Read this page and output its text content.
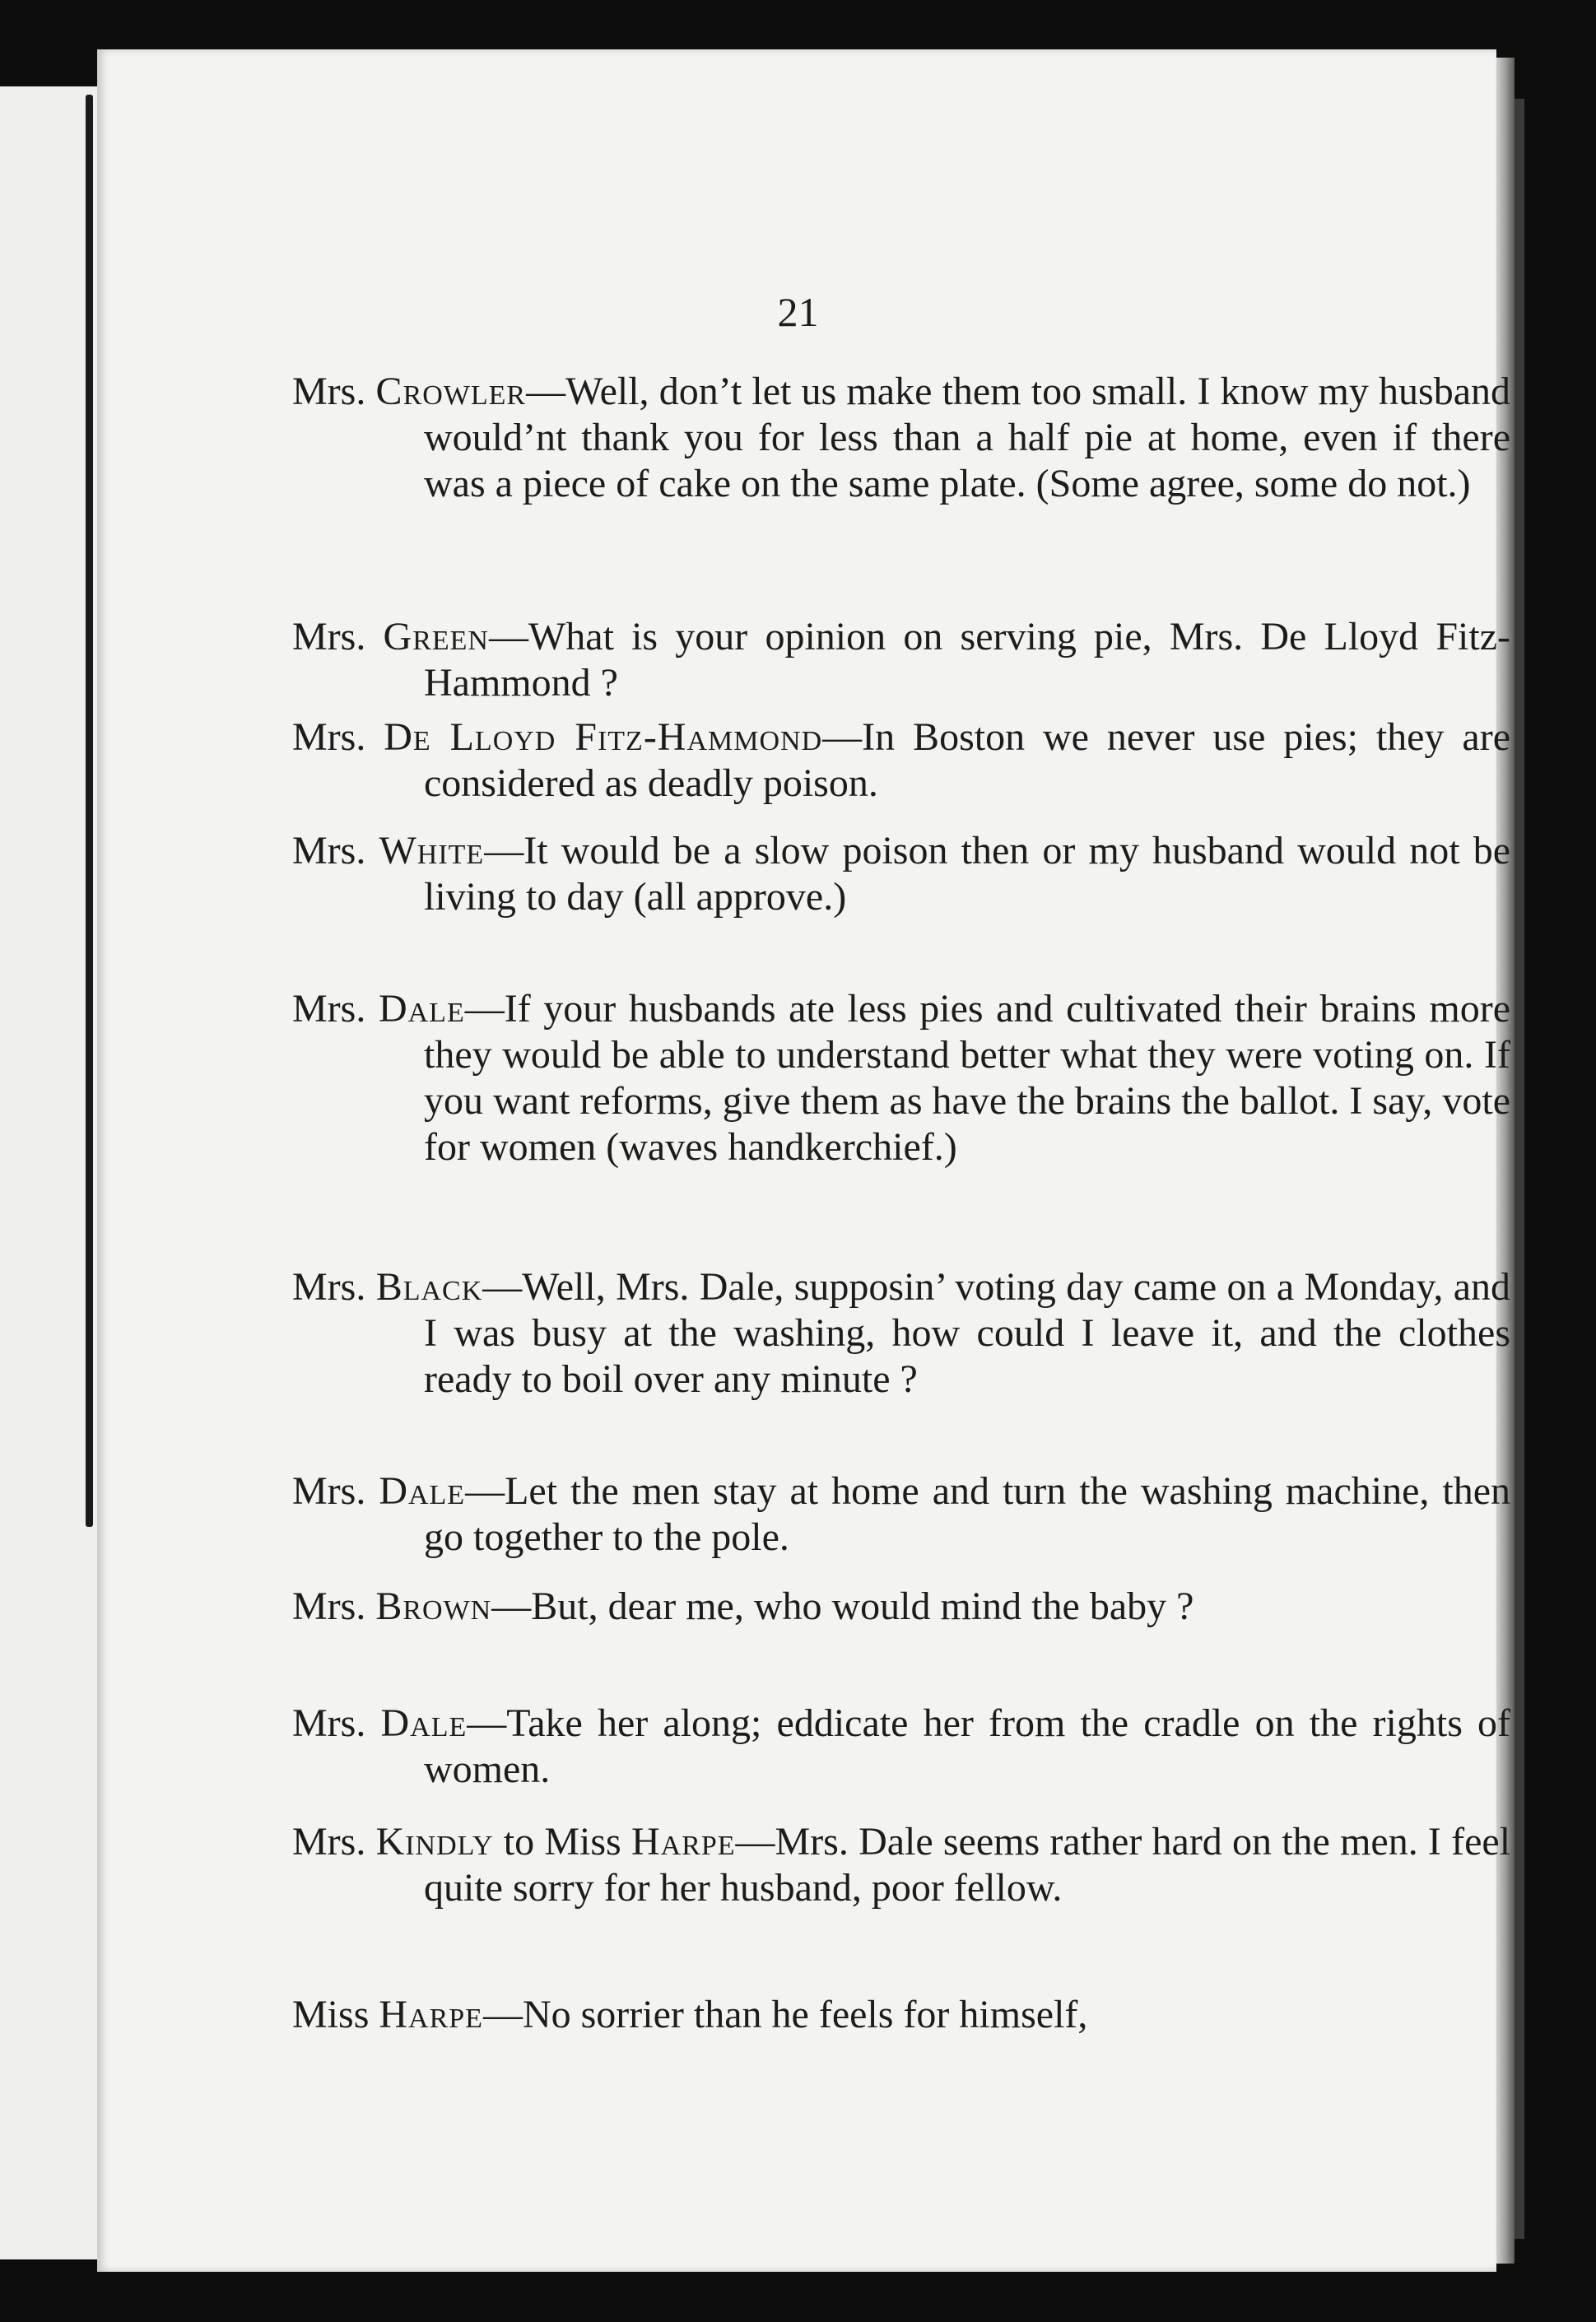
21
Mrs. Crowler—Well, don’t let us make them too small. I know my husband would’nt thank you for less than a half pie at home, even if there was a piece of cake on the same plate. (Some agree, some do not.)
Mrs. Green—What is your opinion on serving pie, Mrs. De Lloyd Fitz-Hammond ?
Mrs. De Lloyd Fitz-Hammond—In Boston we never use pies; they are considered as deadly poison.
Mrs. White—It would be a slow poison then or my husband would not be living to day (all approve.)
Mrs. Dale—If your husbands ate less pies and cultivated their brains more they would be able to understand better what they were voting on. If you want reforms, give them as have the brains the ballot. I say, vote for women (waves handkerchief.)
Mrs. Black—Well, Mrs. Dale, supposin’ voting day came on a Monday, and I was busy at the washing, how could I leave it, and the clothes ready to boil over any minute ?
Mrs. Dale—Let the men stay at home and turn the washing machine, then go together to the pole.
Mrs. Brown—But, dear me, who would mind the baby ?
Mrs. Dale—Take her along; eddicate her from the cradle on the rights of women.
Mrs. Kindly to Miss Harpe—Mrs. Dale seems rather hard on the men. I feel quite sorry for her husband, poor fellow.
Miss Harpe—No sorrier than he feels for himself,
